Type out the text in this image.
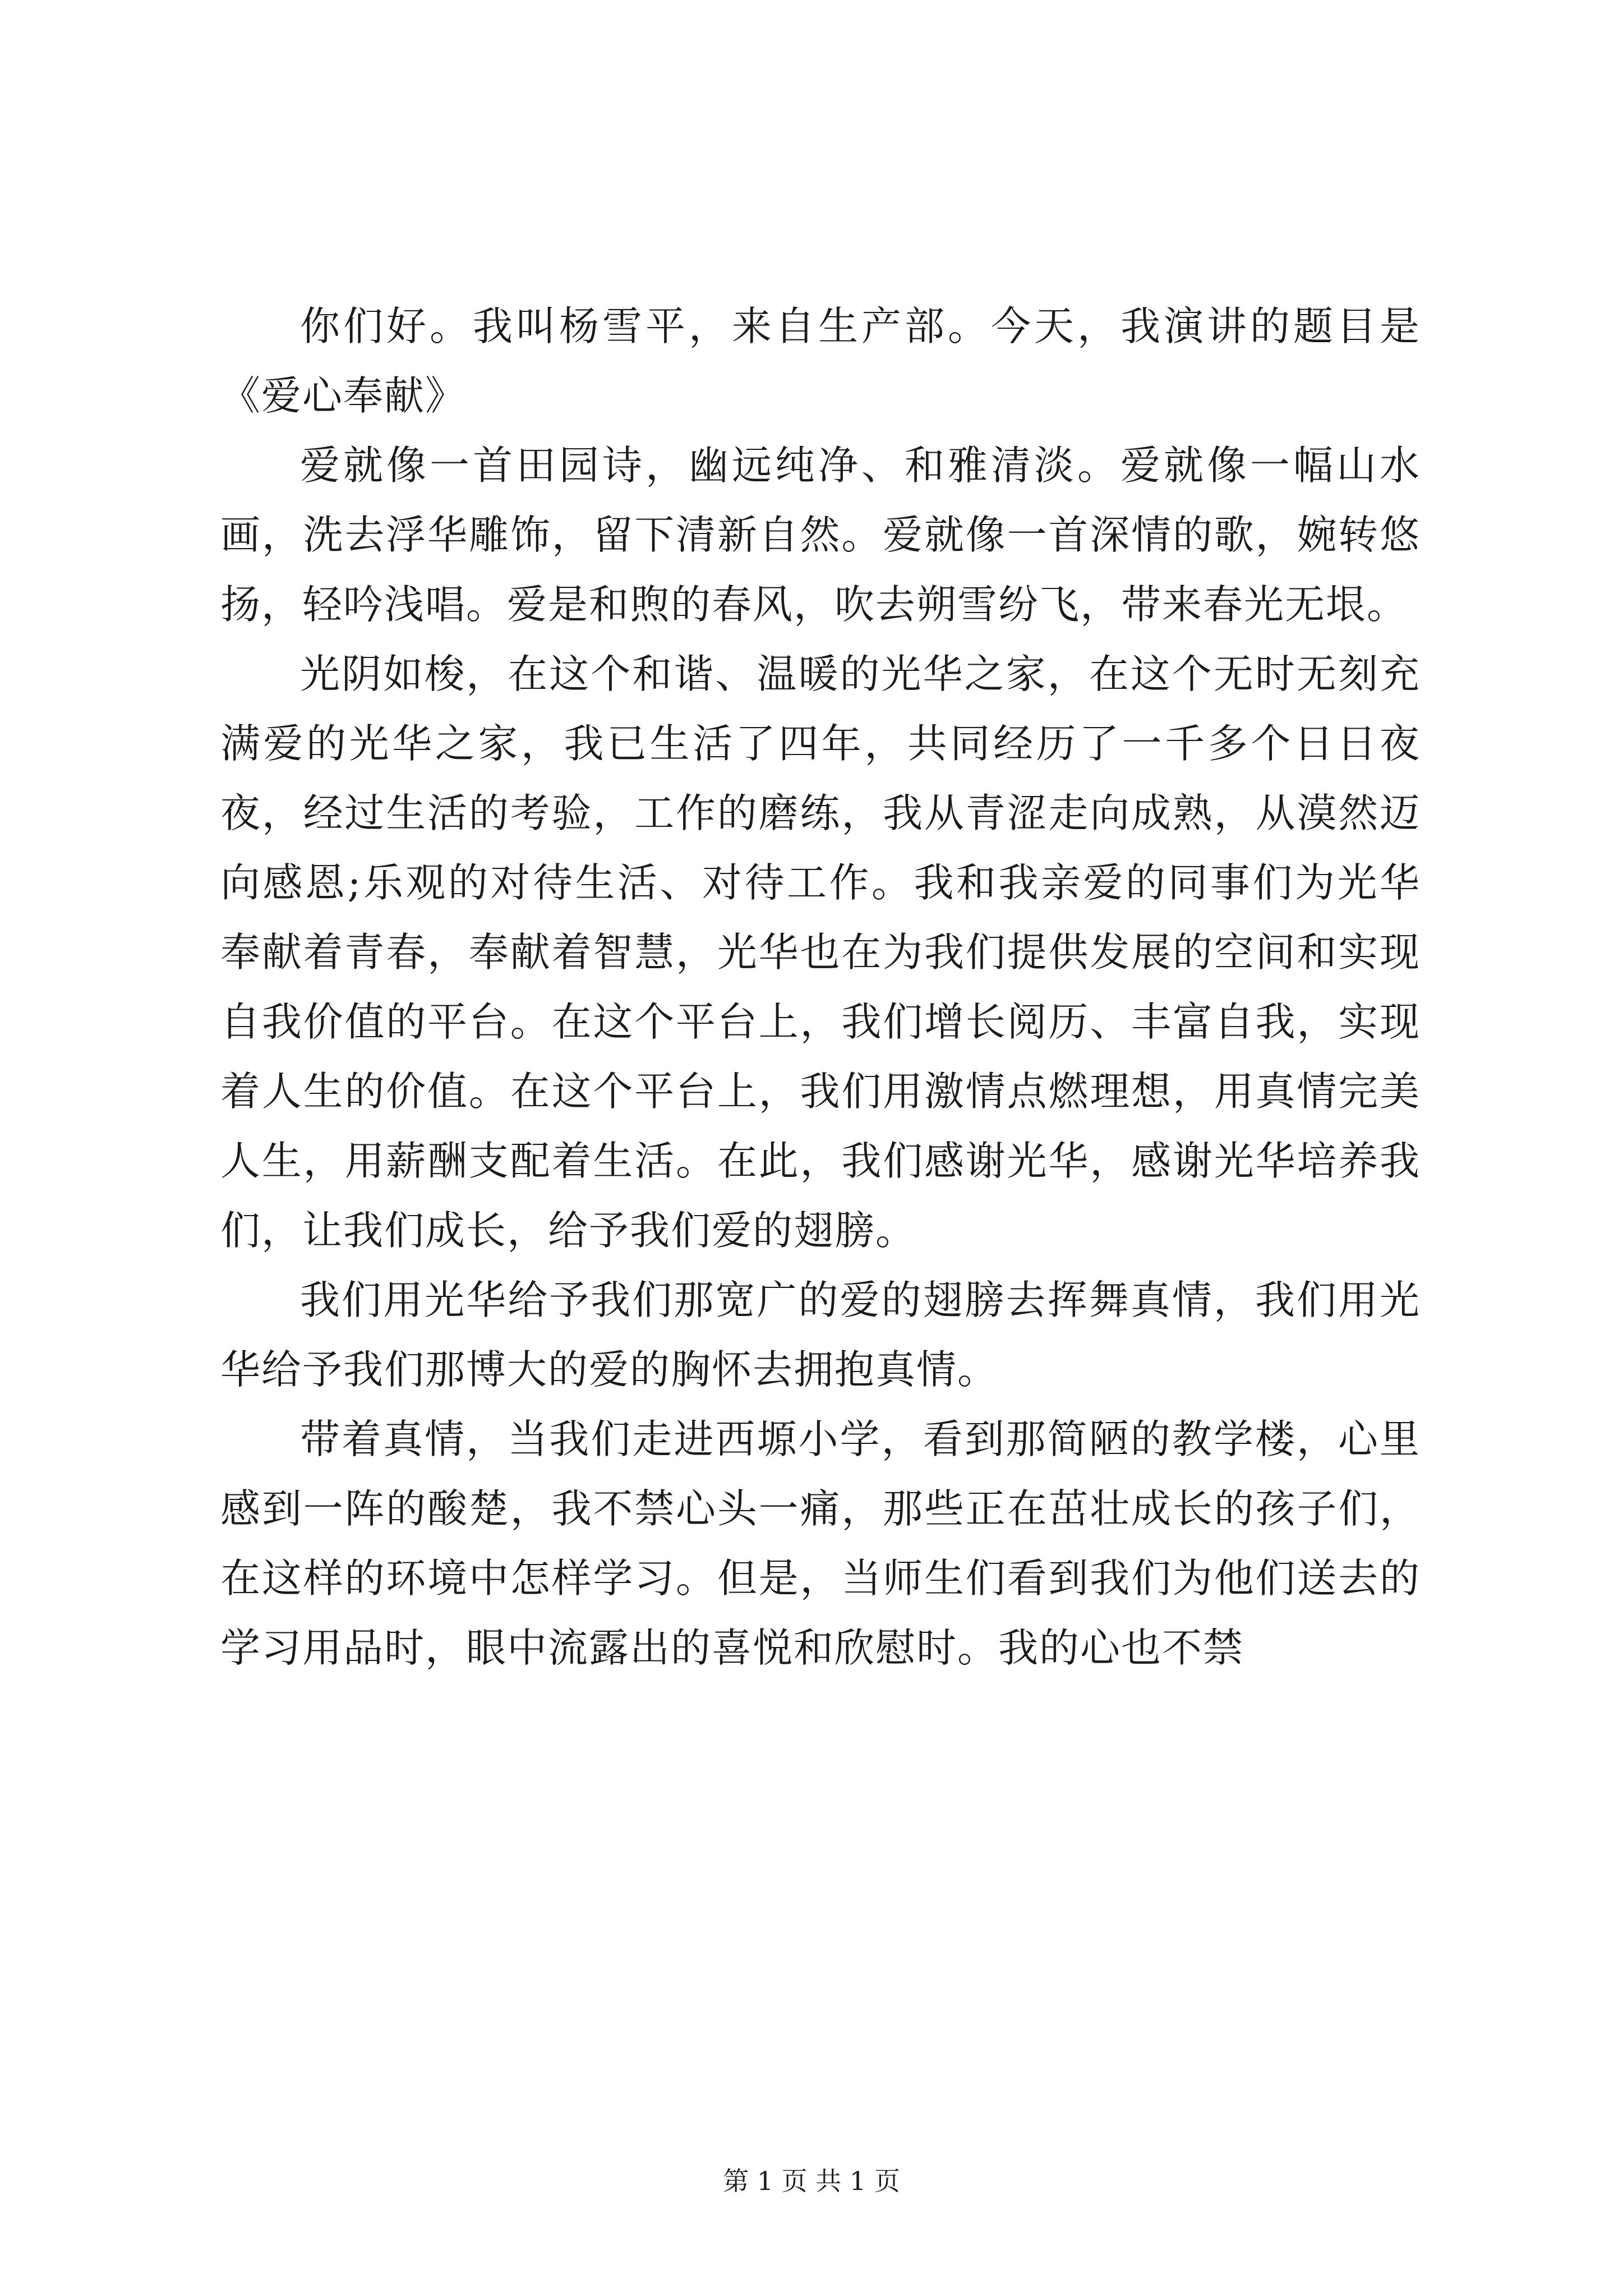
你们好。我叫杨雪平，来自生产部。今天，我演讲的题目是《爱心奉献》

爱就像一首田园诗，幽远纯净、和雅清淡。爱就像一幅山水画，洗去浮华雕饰，留下清新自然。爱就像一首深情的歌，婉转悠扬，轻吟浅唱。爱是和煦的春风，吹去朔雪纷飞，带来春光无垠。

光阴如梭，在这个和谐、温暖的光华之家，在这个无时无刻充满爱的光华之家，我已生活了四年，共同经历了一千多个日日夜夜，经过生活的考验，工作的磨练，我从青涩走向成熟，从漠然迈向感恩;乐观的对待生活、对待工作。我和我亲爱的同事们为光华奉献着青春，奉献着智慧，光华也在为我们提供发展的空间和实现自我价值的平台。在这个平台上，我们增长阅历、丰富自我，实现着人生的价值。在这个平台上，我们用激情点燃理想，用真情完美人生，用薪酬支配着生活。在此，我们感谢光华，感谢光华培养我们，让我们成长，给予我们爱的翅膀。

我们用光华给予我们那宽广的爱的翅膀去挥舞真情，我们用光华给予我们那博大的爱的胸怀去拥抱真情。

带着真情，当我们走进西塬小学，看到那简陋的教学楼，心里感到一阵的酸楚，我不禁心头一痛，那些正在茁壮成长的孩子们，在这样的环境中怎样学习。但是，当师生们看到我们为他们送去的学习用品时，眼中流露出的喜悦和欣慰时。我的心也不禁

第 1 页 共 1 页
